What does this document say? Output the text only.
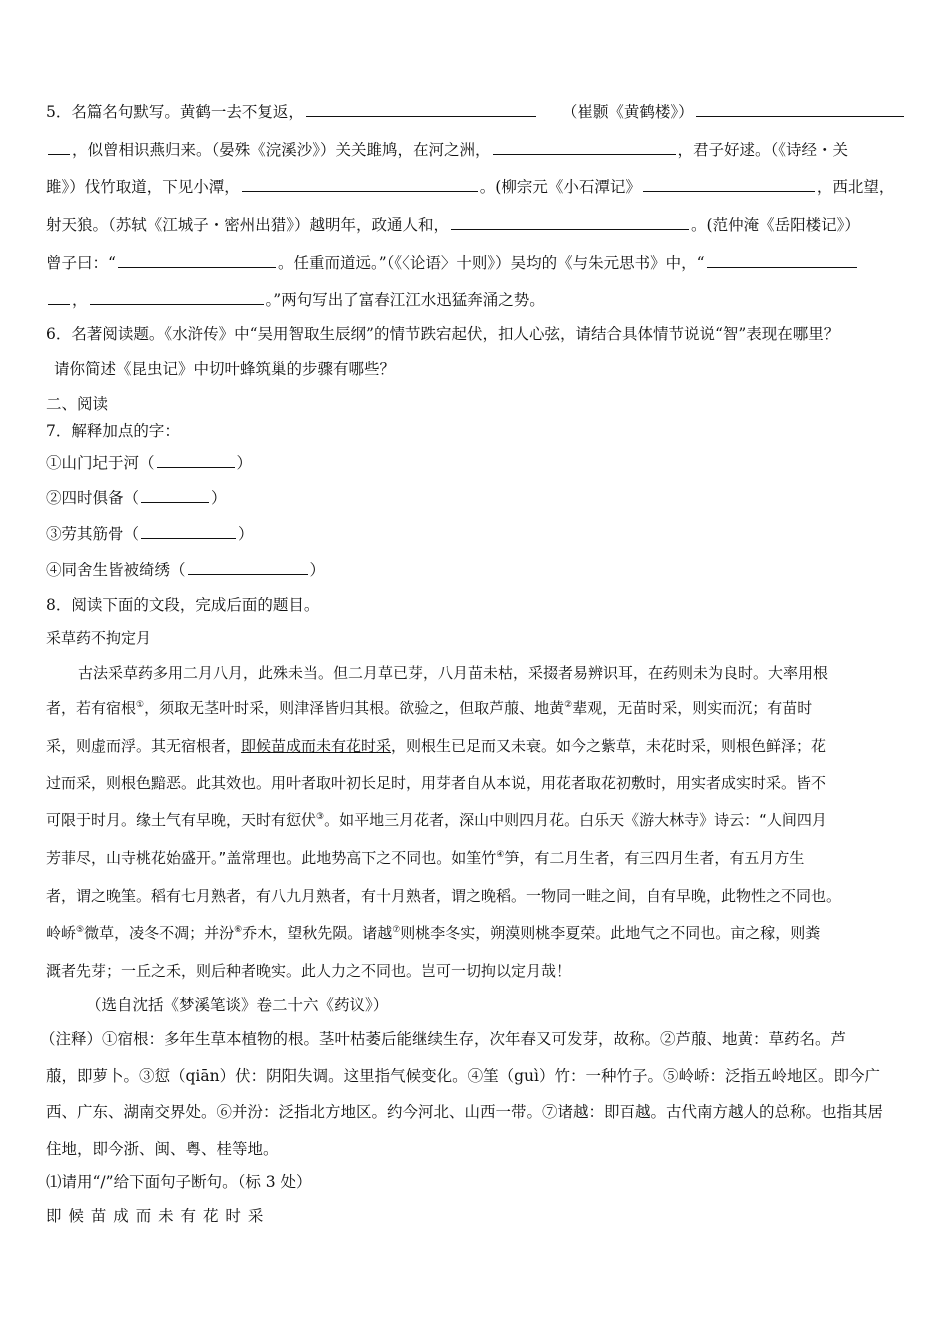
5．名篇名句默写。黄鹤一去不复返，	（崔颢《黄鹤楼》）
，似曾相识燕归来。（晏殊《浣溪沙》）关关雎鸠，在河之洲，	，君子好逑。（《诗经・关
雎》）伐竹取道，下见小潭，	。(柳宗元《小石潭记》	，西北望，
射天狼。（苏轼《江城子・密州出猎》）越明年，政通人和，	。(范仲淹《岳阳楼记》）
曾子曰：“	。任重而道远。”（《〈论语〉十则》）吴均的《与朱元思书》中，“
，	。”两句写出了富春江江水迅猛奔涌之势。
6．名著阅读题。《水浒传》中“吴用智取生辰纲”的情节跌宕起伏，扣人心弦，请结合具体情节说说“智”表现在哪里？
请你简述《昆虫记》中切叶蜂筑巢的步骤有哪些？
二、阅读
7．解释加点的字：
①山门圮于河（	）
②四时俱备（	）
③劳其筋骨（	）
④同舍生皆被绮绣（	）
8．阅读下面的文段，完成后面的题目。
采草药不拘定月
古法采草药多用二月八月，此殊未当。但二月草已芽，八月苗未枯，采掇者易辨识耳，在药则未为良时。大率用根
者，若有宿根①，须取无茎叶时采，则津泽皆归其根。欲验之，但取芦菔、地黄②辈观，无苗时采，则实而沉；有苗时
采，则虚而浮。其无宿根者，即候苗成而未有花时采，则根生已足而又未衰。如今之紫草，未花时采，则根色鲜泽；花
过而采，则根色黯恶。此其效也。用叶者取叶初长足时，用芽者自从本说，用花者取花初敷时，用实者成实时采。皆不
可限于时月。缘土气有早晚，天时有愆伏③。如平地三月花者，深山中则四月花。白乐天《游大林寺》诗云：“人间四月
芳菲尽，山寺桃花始盛开。”盖常理也。此地势高下之不同也。如筀竹④笋，有二月生者，有三四月生者，有五月方生
者，谓之晚筀。稻有七月熟者，有八九月熟者，有十月熟者，谓之晚稻。一物同一畦之间，自有早晚，此物性之不同也。
岭峤⑤微草，凌冬不凋；并汾⑥乔木，望秋先陨。诸越⑦则桃李冬实，朔漠则桃李夏荣。此地气之不同也。亩之稼，则粪
溉者先芽；一丘之禾，则后种者晚实。此人力之不同也。岂可一切拘以定月哉！
（选自沈括《梦溪笔谈》卷二十六《药议》）
（注释）①宿根：多年生草本植物的根。茎叶枯萎后能继续生存，次年春又可发芽，故称。②芦菔、地黄：草药名。芦
菔，即萝卜。③愆（qiān）伏：阴阳失调。这里指气候变化。④筀（guì）竹：一种竹子。⑤岭峤：泛指五岭地区。即今广
西、广东、湖南交界处。⑥并汾：泛指北方地区。约今河北、山西一带。⑦诸越：即百越。古代南方越人的总称。也指其居
住地，即今浙、闽、粤、桂等地。
⑴请用“/”给下面句子断句。（标 3 处）
即 候 苗 成 而 未 有 花 时 采
